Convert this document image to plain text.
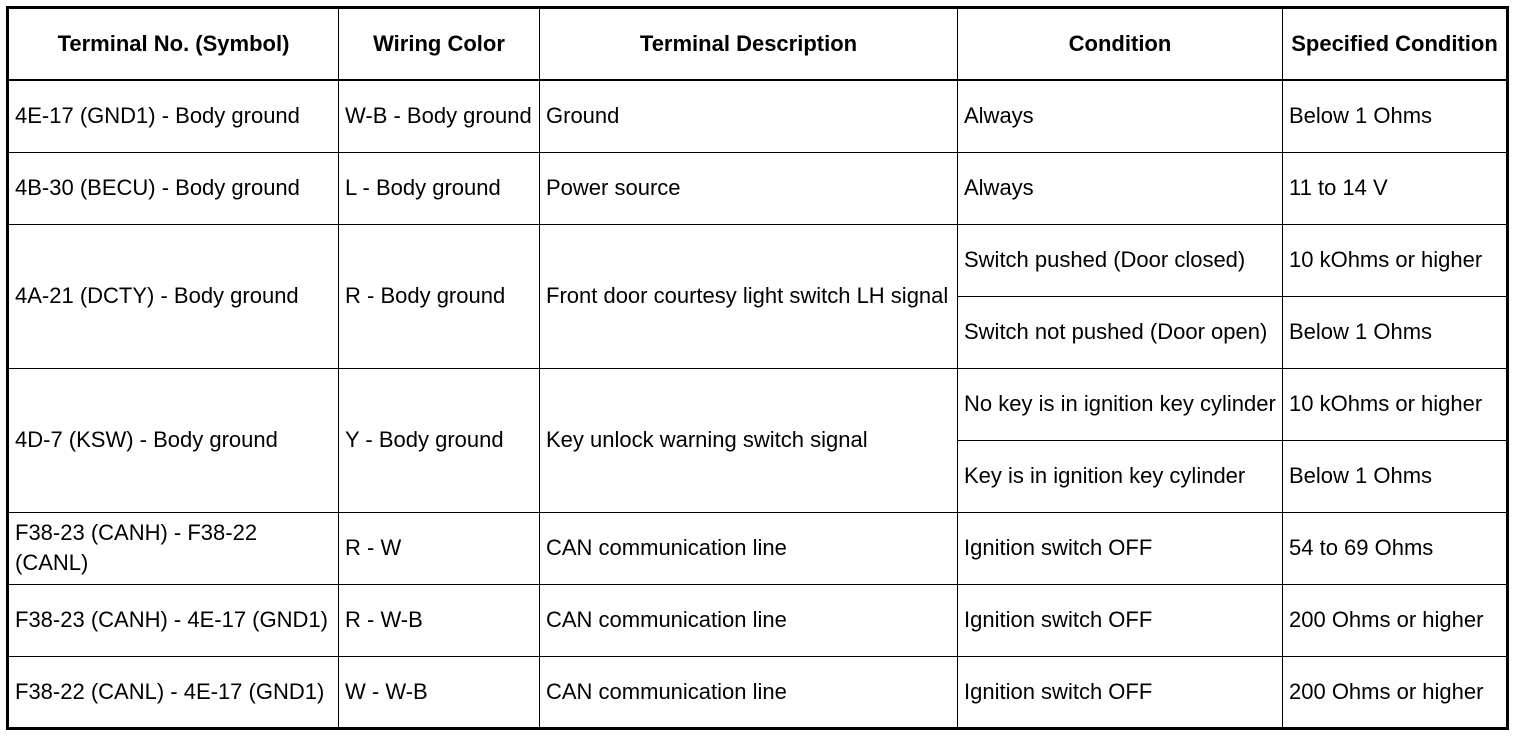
Terminal No. (Symbol)	Wiring Color	Terminal Description	Condition	Specified Condition
4E-17 (GND1) - Body ground	W-B - Body ground	Ground	Always	Below 1 Ohms
4B-30 (BECU) - Body ground	L - Body ground	Power source	Always	11 to 14 V
4A-21 (DCTY) - Body ground	R - Body ground	Front door courtesy light switch LH signal	Switch pushed (Door closed)	10 kOhms or higher
			Switch not pushed (Door open)	Below 1 Ohms
4D-7 (KSW) - Body ground	Y - Body ground	Key unlock warning switch signal	No key is in ignition key cylinder	10 kOhms or higher
			Key is in ignition key cylinder	Below 1 Ohms
F38-23 (CANH) - F38-22 (CANL)	R - W	CAN communication line	Ignition switch OFF	54 to 69 Ohms
F38-23 (CANH) - 4E-17 (GND1)	R - W-B	CAN communication line	Ignition switch OFF	200 Ohms or higher
F38-22 (CANL) - 4E-17 (GND1)	W - W-B	CAN communication line	Ignition switch OFF	200 Ohms or higher
